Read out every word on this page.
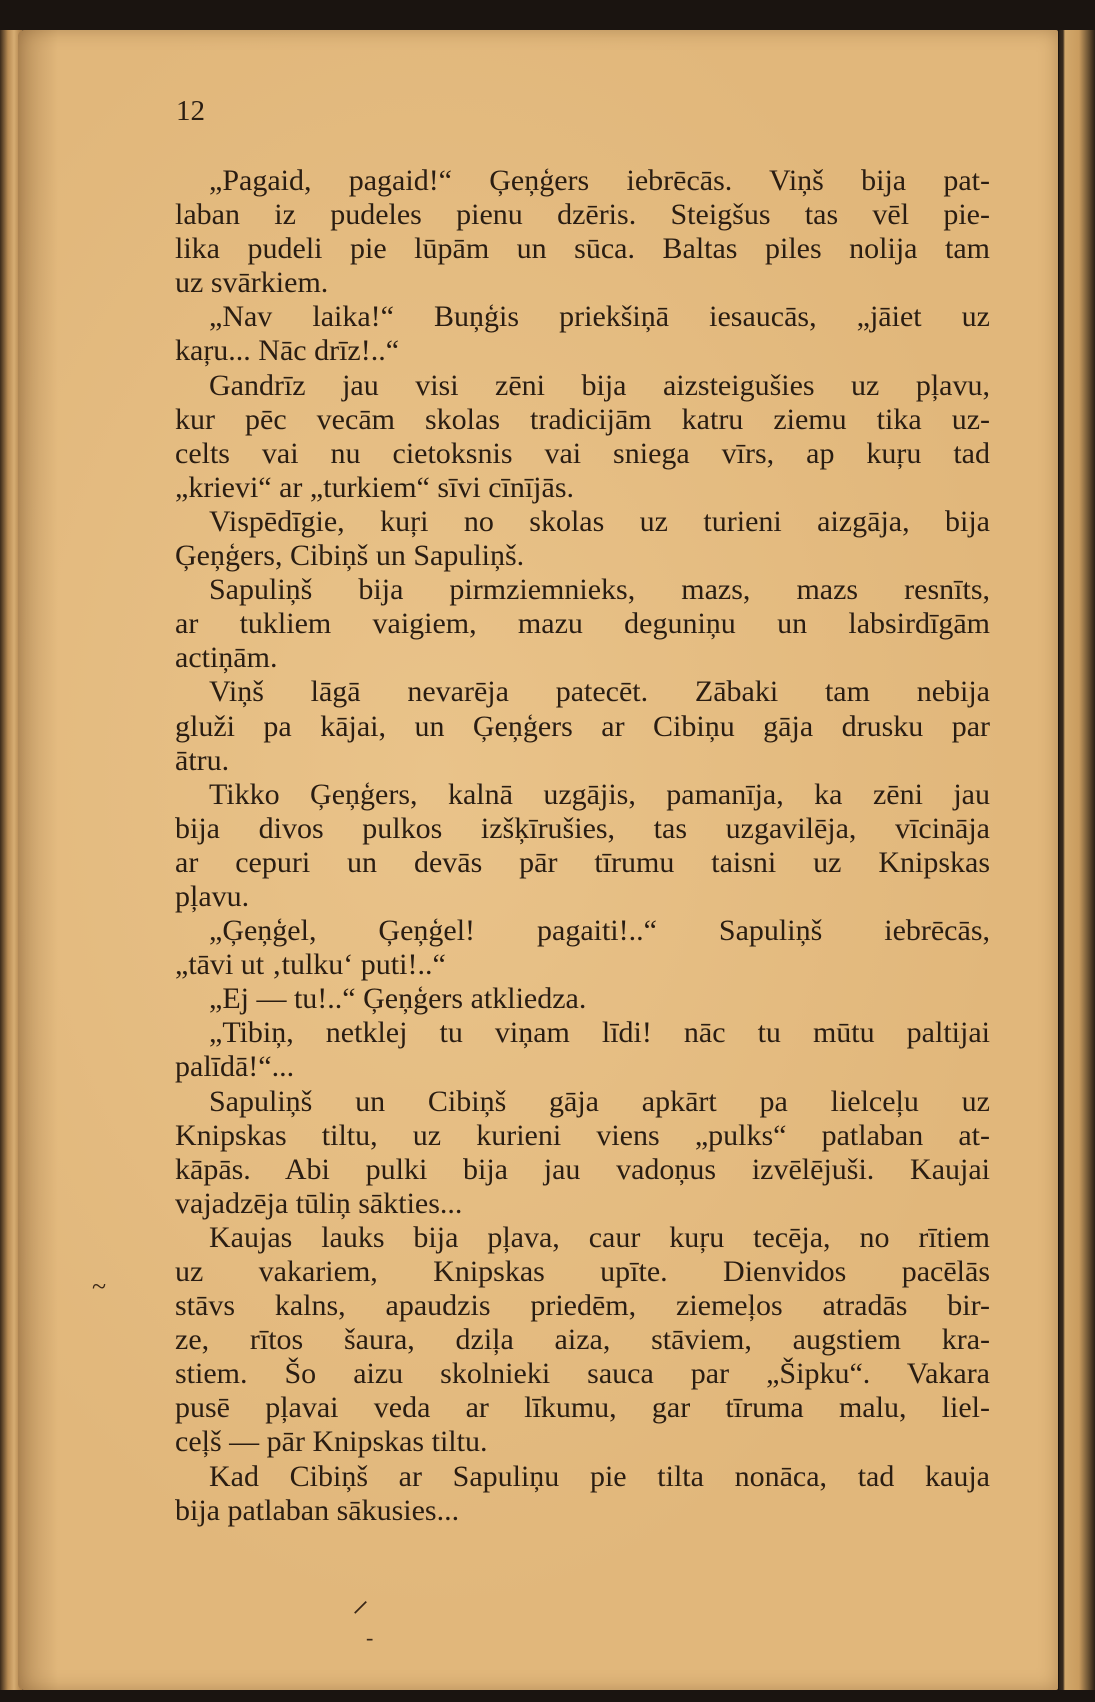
12
„Pagaid, pagaid!“ Ģeņģers iebrēcās. Viņš bija pat-
laban iz pudeles pienu dzēris. Steigšus tas vēl pie-
lika pudeli pie lūpām un sūca. Baltas piles nolija tam
uz svārkiem.
„Nav laika!“ Buņģis priekšiņā iesaucās, „jāiet uz
kaŗu... Nāc drīz!..“
Gandrīz jau visi zēni bija aizsteigušies uz pļavu,
kur pēc vecām skolas tradicijām katru ziemu tika uz-
celts vai nu cietoksnis vai sniega vīrs, ap kuŗu tad
„krievi“ ar „turkiem“ sīvi cīnījās.
Vispēdīgie, kuŗi no skolas uz turieni aizgāja, bija
Ģeņģers, Cibiņš un Sapuliņš.
Sapuliņš bija pirmziemnieks, mazs, mazs resnīts,
ar tukliem vaigiem, mazu deguniņu un labsirdīgām
actiņām.
Viņš lāgā nevarēja patecēt. Zābaki tam nebija
gluži pa kājai, un Ģeņģers ar Cibiņu gāja drusku par
ātru.
Tikko Ģeņģers, kalnā uzgājis, pamanīja, ka zēni jau
bija divos pulkos izšķīrušies, tas uzgavilēja, vīcināja
ar cepuri un devās pār tīrumu taisni uz Knipskas
pļavu.
„Ģeņģel, Ģeņģel! pagaiti!..“ Sapuliņš iebrēcās,
„tāvi ut ‚tulku‘ puti!..“
„Ej — tu!..“ Ģeņģers atkliedza.
„Tibiņ, netklej tu viņam līdi! nāc tu mūtu paltijai
palīdā!“...
Sapuliņš un Cibiņš gāja apkārt pa lielceļu uz
Knipskas tiltu, uz kurieni viens „pulks“ patlaban at-
kāpās. Abi pulki bija jau vadoņus izvēlējuši. Kaujai
vajadzēja tūliņ sākties...
Kaujas lauks bija pļava, caur kuŗu tecēja, no rītiem
uz vakariem, Knipskas upīte. Dienvidos pacēlās
stāvs kalns, apaudzis priedēm, ziemeļos atradās bir-
ze, rītos šaura, dziļa aiza, stāviem, augstiem kra-
stiem. Šo aizu skolnieki sauca par „Šipku“. Vakara
pusē pļavai veda ar līkumu, gar tīruma malu, liel-
ceļš — pār Knipskas tiltu.
Kad Cibiņš ar Sapuliņu pie tilta nonāca, tad kauja
bija patlaban sākusies...
~
⸝
-
